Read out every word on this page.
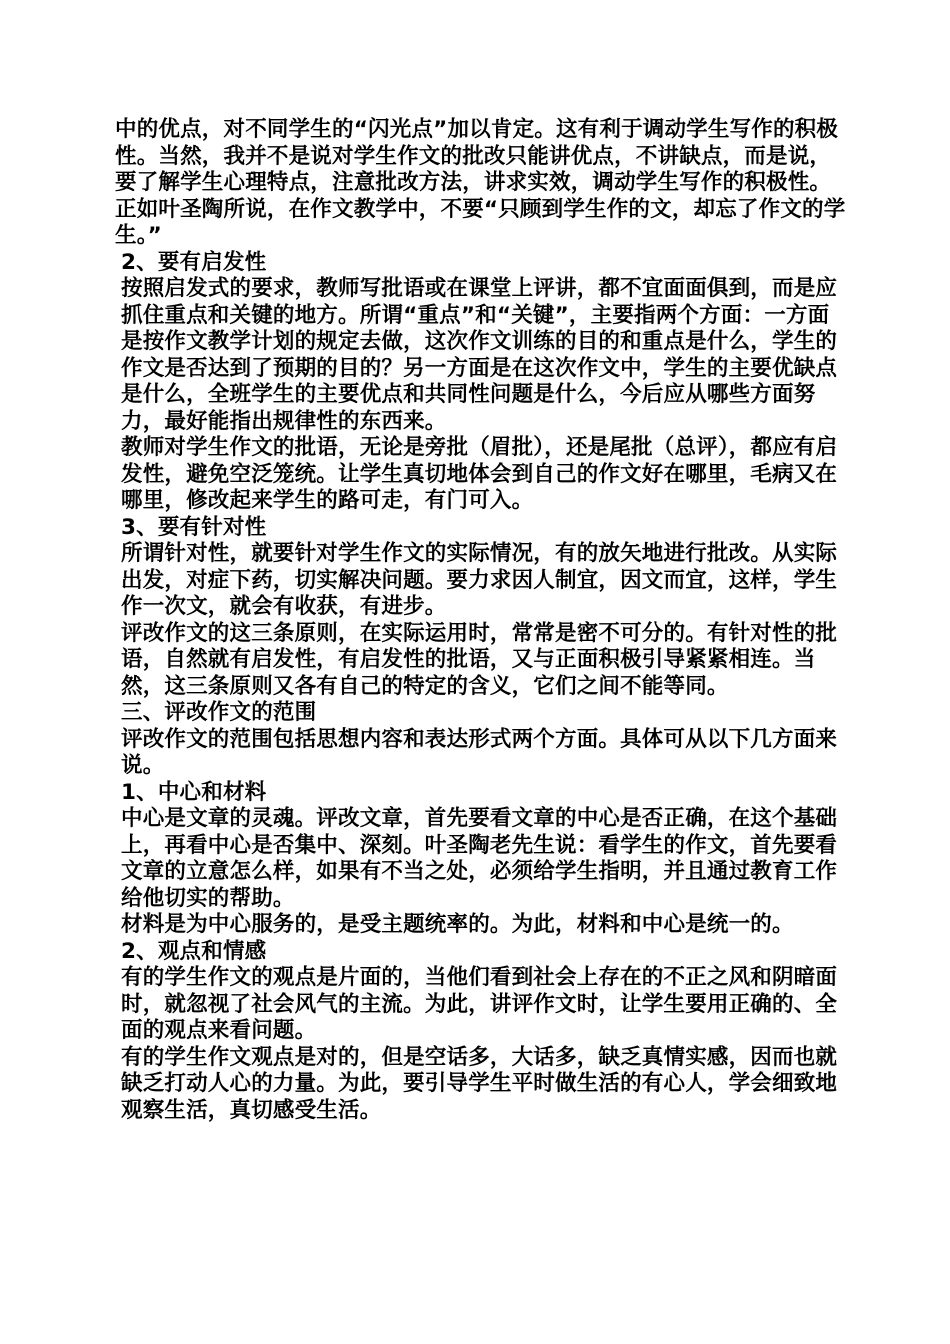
中的优点，对不同学生的“闪光点”加以肯定。这有利于调动学生写作的积极性。当然，我并不是说对学生作文的批改只能讲优点，不讲缺点，而是说，要了解学生心理特点，注意批改方法，讲求实效，调动学生写作的积极性。正如叶圣陶所说，在作文教学中，不要“只顾到学生作的文，却忘了作文的学生。”

2、要有启发性

按照启发式的要求，教师写批语或在课堂上评讲，都不宜面面俱到，而是应抓住重点和关键的地方。所谓“重点”和“关键”，主要指两个方面：一方面是按作文教学计划的规定去做，这次作文训练的目的和重点是什么，学生的作文是否达到了预期的目的？另一方面是在这次作文中，学生的主要优缺点是什么，全班学生的主要优点和共同性问题是什么，今后应从哪些方面努力，最好能指出规律性的东西来。

教师对学生作文的批语，无论是旁批（眉批），还是尾批（总评），都应有启发性，避免空泛笼统。让学生真切地体会到自己的作文好在哪里，毛病又在哪里，修改起来学生的路可走，有门可入。

3、要有针对性

所谓针对性，就要针对学生作文的实际情况，有的放矢地进行批改。从实际出发，对症下药，切实解决问题。要力求因人制宜，因文而宜，这样，学生作一次文，就会有收获，有进步。

评改作文的这三条原则，在实际运用时，常常是密不可分的。有针对性的批语，自然就有启发性，有启发性的批语，又与正面积极引导紧紧相连。当然，这三条原则又各有自己的特定的含义，它们之间不能等同。

三、评改作文的范围

评改作文的范围包括思想内容和表达形式两个方面。具体可从以下几方面来说。

1、中心和材料

中心是文章的灵魂。评改文章，首先要看文章的中心是否正确，在这个基础上，再看中心是否集中、深刻。叶圣陶老先生说：看学生的作文，首先要看文章的立意怎么样，如果有不当之处，必须给学生指明，并且通过教育工作给他切实的帮助。

材料是为中心服务的，是受主题统率的。为此，材料和中心是统一的。

2、观点和情感

有的学生作文的观点是片面的，当他们看到社会上存在的不正之风和阴暗面时，就忽视了社会风气的主流。为此，讲评作文时，让学生要用正确的、全面的观点来看问题。

有的学生作文观点是对的，但是空话多，大话多，缺乏真情实感，因而也就缺乏打动人心的力量。为此，要引导学生平时做生活的有心人，学会细致地观察生活，真切感受生活。
